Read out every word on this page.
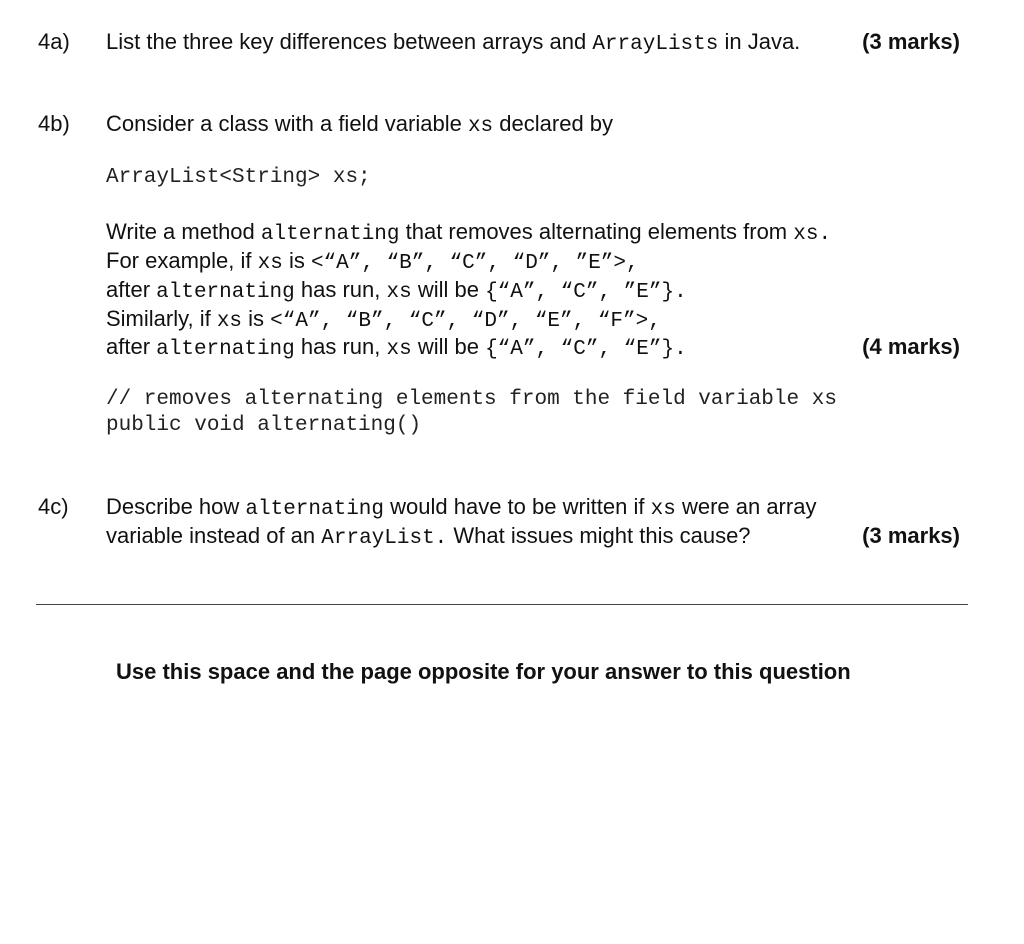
4a) List the three key differences between arrays and ArrayLists in Java.	(3 marks)
4b) Consider a class with a field variable xs declared by
ArrayList<String> xs;
Write a method alternating that removes alternating elements from xs.
For example, if xs is <“A”, “B”, “C”, “D”, ”E”>,
after alternating has run, xs will be {“A”, “C”, ”E”}.
Similarly, if xs is <“A”, “B”, “C”, “D”, “E”, “F”>,
after alternating has run, xs will be {“A”, “C”, “E”}.	(4 marks)
// removes alternating elements from the field variable xs
public void alternating()
4c) Describe how alternating would have to be written if xs were an array
variable instead of an ArrayList. What issues might this cause?	(3 marks)
Use this space and the page opposite for your answer to this question
